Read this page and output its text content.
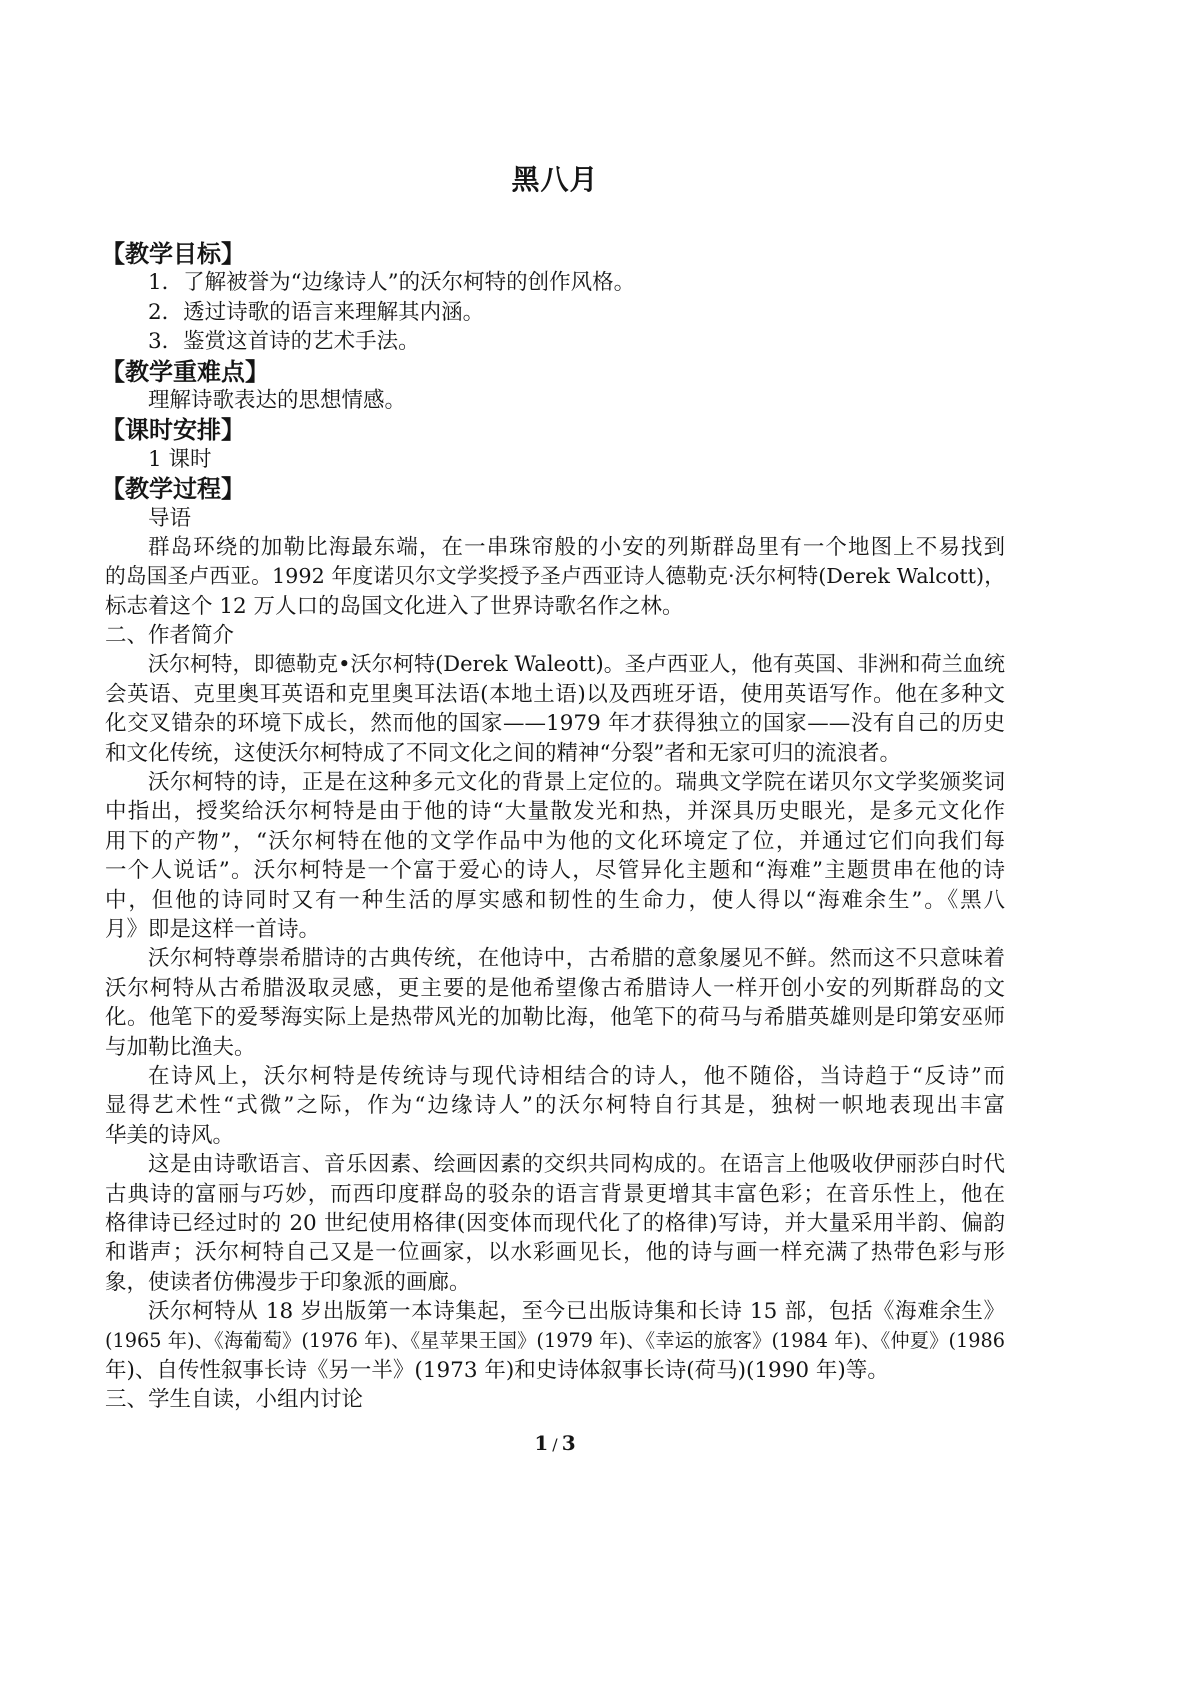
黑八月
【教学目标】
1．了解被誉为“边缘诗人”的沃尔柯特的创作风格。
2．透过诗歌的语言来理解其内涵。
3．鉴赏这首诗的艺术手法。
【教学重难点】
理解诗歌表达的思想情感。
【课时安排】
1 课时
【教学过程】
导语
群岛环绕的加勒比海最东端，在一串珠帘般的小安的列斯群岛里有一个地图上不易找到
的岛国圣卢西亚。1992 年度诺贝尔文学奖授予圣卢西亚诗人德勒克·沃尔柯特(Derek Walcott)，
标志着这个 12 万人口的岛国文化进入了世界诗歌名作之林。
二、作者简介
沃尔柯特，即德勒克•沃尔柯特(Derek Waleott)。圣卢西亚人，他有英国、非洲和荷兰血统
会英语、克里奥耳英语和克里奥耳法语(本地土语)以及西班牙语，使用英语写作。他在多种文
化交叉错杂的环境下成长，然而他的国家——1979 年才获得独立的国家——没有自己的历史
和文化传统，这使沃尔柯特成了不同文化之间的精神“分裂”者和无家可归的流浪者。
沃尔柯特的诗，正是在这种多元文化的背景上定位的。瑞典文学院在诺贝尔文学奖颁奖词
中指出，授奖给沃尔柯特是由于他的诗“大量散发光和热，并深具历史眼光，是多元文化作
用下的产物”，“沃尔柯特在他的文学作品中为他的文化环境定了位，并通过它们向我们每
一个人说话”。沃尔柯特是一个富于爱心的诗人，尽管异化主题和“海难”主题贯串在他的诗
中，但他的诗同时又有一种生活的厚实感和韧性的生命力，使人得以“海难余生”。《黑八
月》即是这样一首诗。
沃尔柯特尊崇希腊诗的古典传统，在他诗中，古希腊的意象屡见不鲜。然而这不只意味着
沃尔柯特从古希腊汲取灵感，更主要的是他希望像古希腊诗人一样开创小安的列斯群岛的文
化。他笔下的爱琴海实际上是热带风光的加勒比海，他笔下的荷马与希腊英雄则是印第安巫师
与加勒比渔夫。
在诗风上，沃尔柯特是传统诗与现代诗相结合的诗人，他不随俗，当诗趋于“反诗”而
显得艺术性“式微”之际，作为“边缘诗人”的沃尔柯特自行其是，独树一帜地表现出丰富
华美的诗风。
这是由诗歌语言、音乐因素、绘画因素的交织共同构成的。在语言上他吸收伊丽莎白时代
古典诗的富丽与巧妙，而西印度群岛的驳杂的语言背景更增其丰富色彩；在音乐性上，他在
格律诗已经过时的 20 世纪使用格律(因变体而现代化了的格律)写诗，并大量采用半韵、偏韵
和谐声；沃尔柯特自己又是一位画家，以水彩画见长，他的诗与画一样充满了热带色彩与形
象，使读者仿佛漫步于印象派的画廊。
沃尔柯特从 18 岁出版第一本诗集起，至今已出版诗集和长诗 15 部，包括《海难余生》
(1965 年)、《海葡萄》(1976 年)、《星苹果王国》(1979 年)、《幸运的旅客》(1984 年)、《仲夏》(1986
年)、自传性叙事长诗《另一半》(1973 年)和史诗体叙事长诗(荷马)(1990 年)等。
三、学生自读，小组内讨论
1 / 3
